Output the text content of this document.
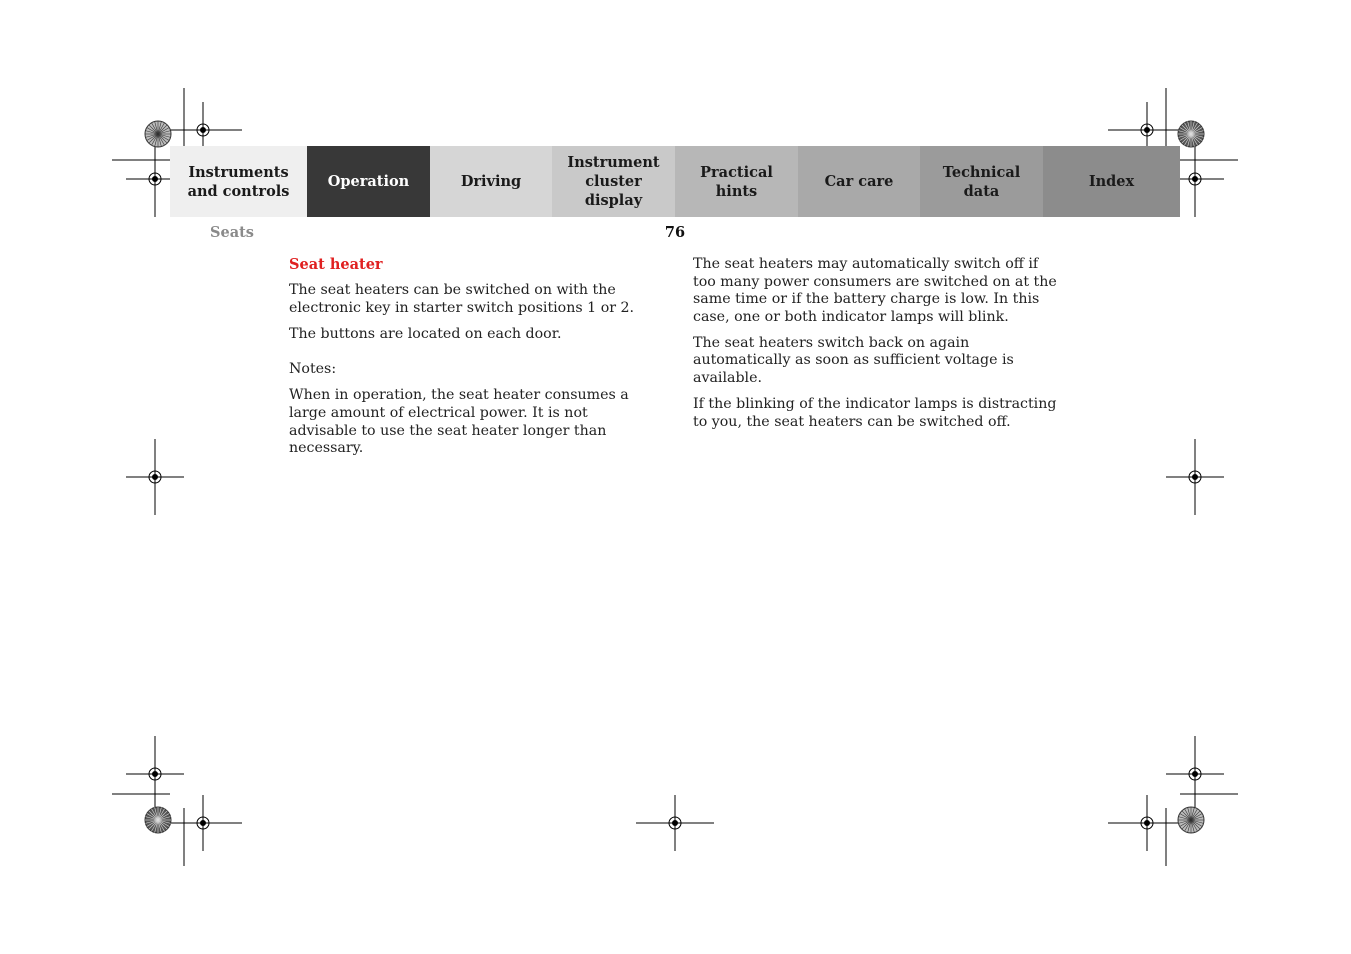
Instruments
and controls
Operation	Driving
Instrument
cluster display
Practical hints
Car care
Technical
data
Index
Seats	76

Seat heater

The seat heaters can be switched on with the electronic key in starter switch positions 1 or 2.

The buttons are located on each door.

Notes:

When in operation, the seat heater consumes a large amount of electrical power. It is not advisable to use the seat heater longer than necessary.

The seat heaters may automatically switch off if too many power consumers are switched on at the same time or if the battery charge is low. In this case, one or both indicator lamps will blink.

The seat heaters switch back on again automatically as soon as sufficient voltage is available.

If the blinking of the indicator lamps is distracting to you, the seat heaters can be switched off.
